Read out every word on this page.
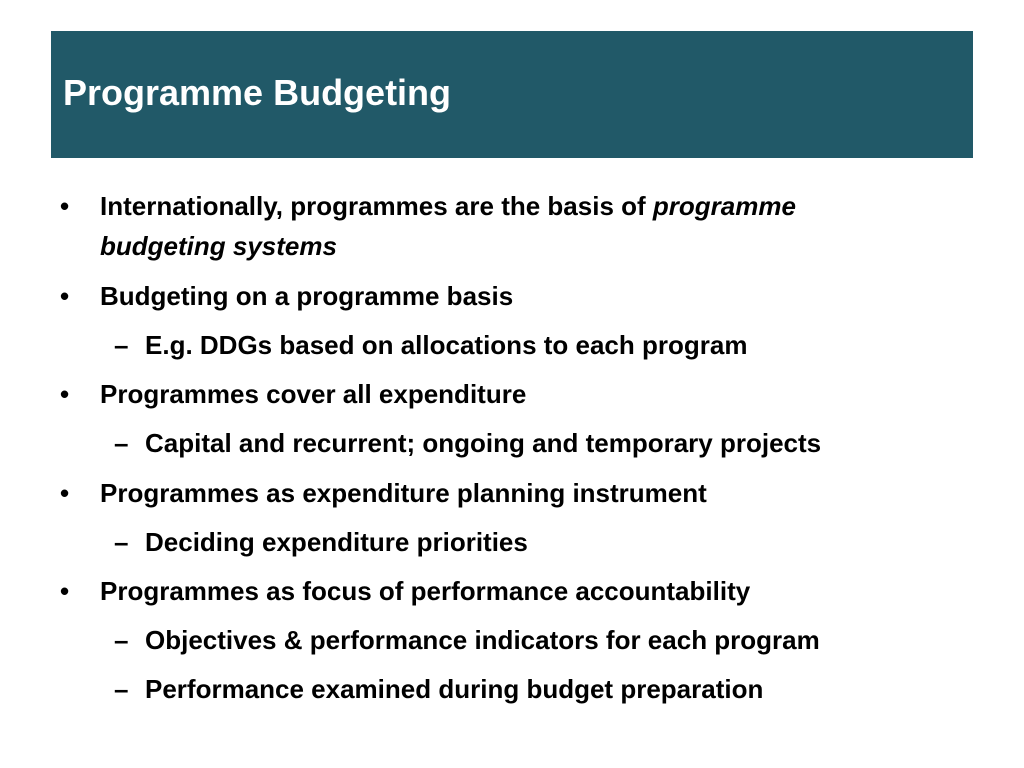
Programme Budgeting
• Internationally, programmes are the basis of programme
budgeting systems
• Budgeting on a programme basis
– E.g. DDGs based on allocations to each program
• Programmes cover all expenditure
– Capital and recurrent; ongoing and temporary projects
• Programmes as expenditure planning instrument
– Deciding expenditure priorities
• Programmes as focus of performance accountability
– Objectives & performance indicators for each program
– Performance examined during budget preparation
